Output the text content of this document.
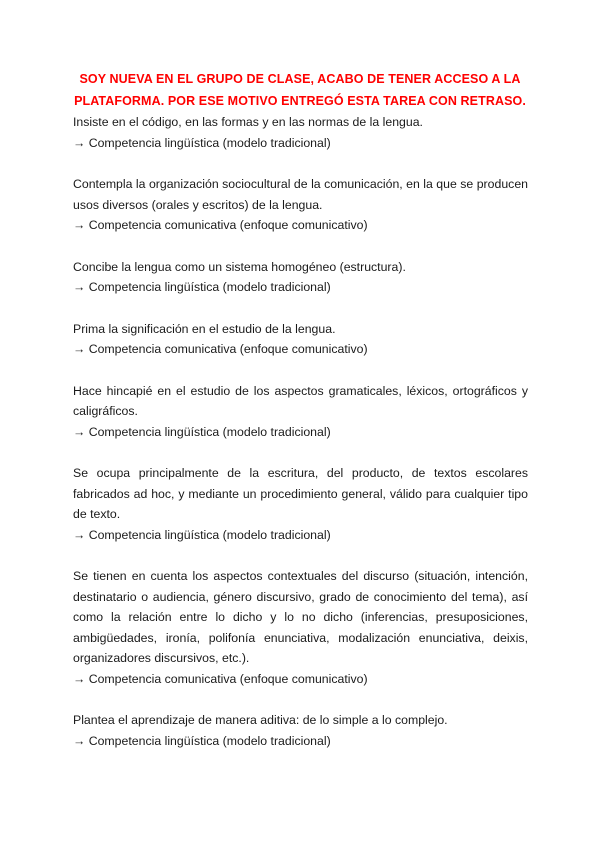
SOY NUEVA EN EL GRUPO DE CLASE, ACABO DE TENER ACCESO A LA
PLATAFORMA. POR ESE MOTIVO ENTREGÓ ESTA TAREA CON RETRASO.

Insiste en el código, en las formas y en las normas de la lengua.

→ Competencia lingüística (modelo tradicional)

Contempla la organización sociocultural de la comunicación, en la que se producen usos diversos (orales y escritos) de la lengua.

→ Competencia comunicativa (enfoque comunicativo)

Concibe la lengua como un sistema homogéneo (estructura).

→ Competencia lingüística (modelo tradicional)

Prima la significación en el estudio de la lengua.

→ Competencia comunicativa (enfoque comunicativo)

Hace hincapié en el estudio de los aspectos gramaticales, léxicos, ortográficos y caligráficos.

→ Competencia lingüística (modelo tradicional)

Se ocupa principalmente de la escritura, del producto, de textos escolares fabricados ad hoc, y mediante un procedimiento general, válido para cualquier tipo de texto.

→ Competencia lingüística (modelo tradicional)

Se tienen en cuenta los aspectos contextuales del discurso (situación, intención, destinatario o audiencia, género discursivo, grado de conocimiento del tema), así como la relación entre lo dicho y lo no dicho (inferencias, presuposiciones, ambigüedades, ironía, polifonía enunciativa, modalización enunciativa, deixis, organizadores discursivos, etc.).

→ Competencia comunicativa (enfoque comunicativo)

Plantea el aprendizaje de manera aditiva: de lo simple a lo complejo.

→ Competencia lingüística (modelo tradicional)
